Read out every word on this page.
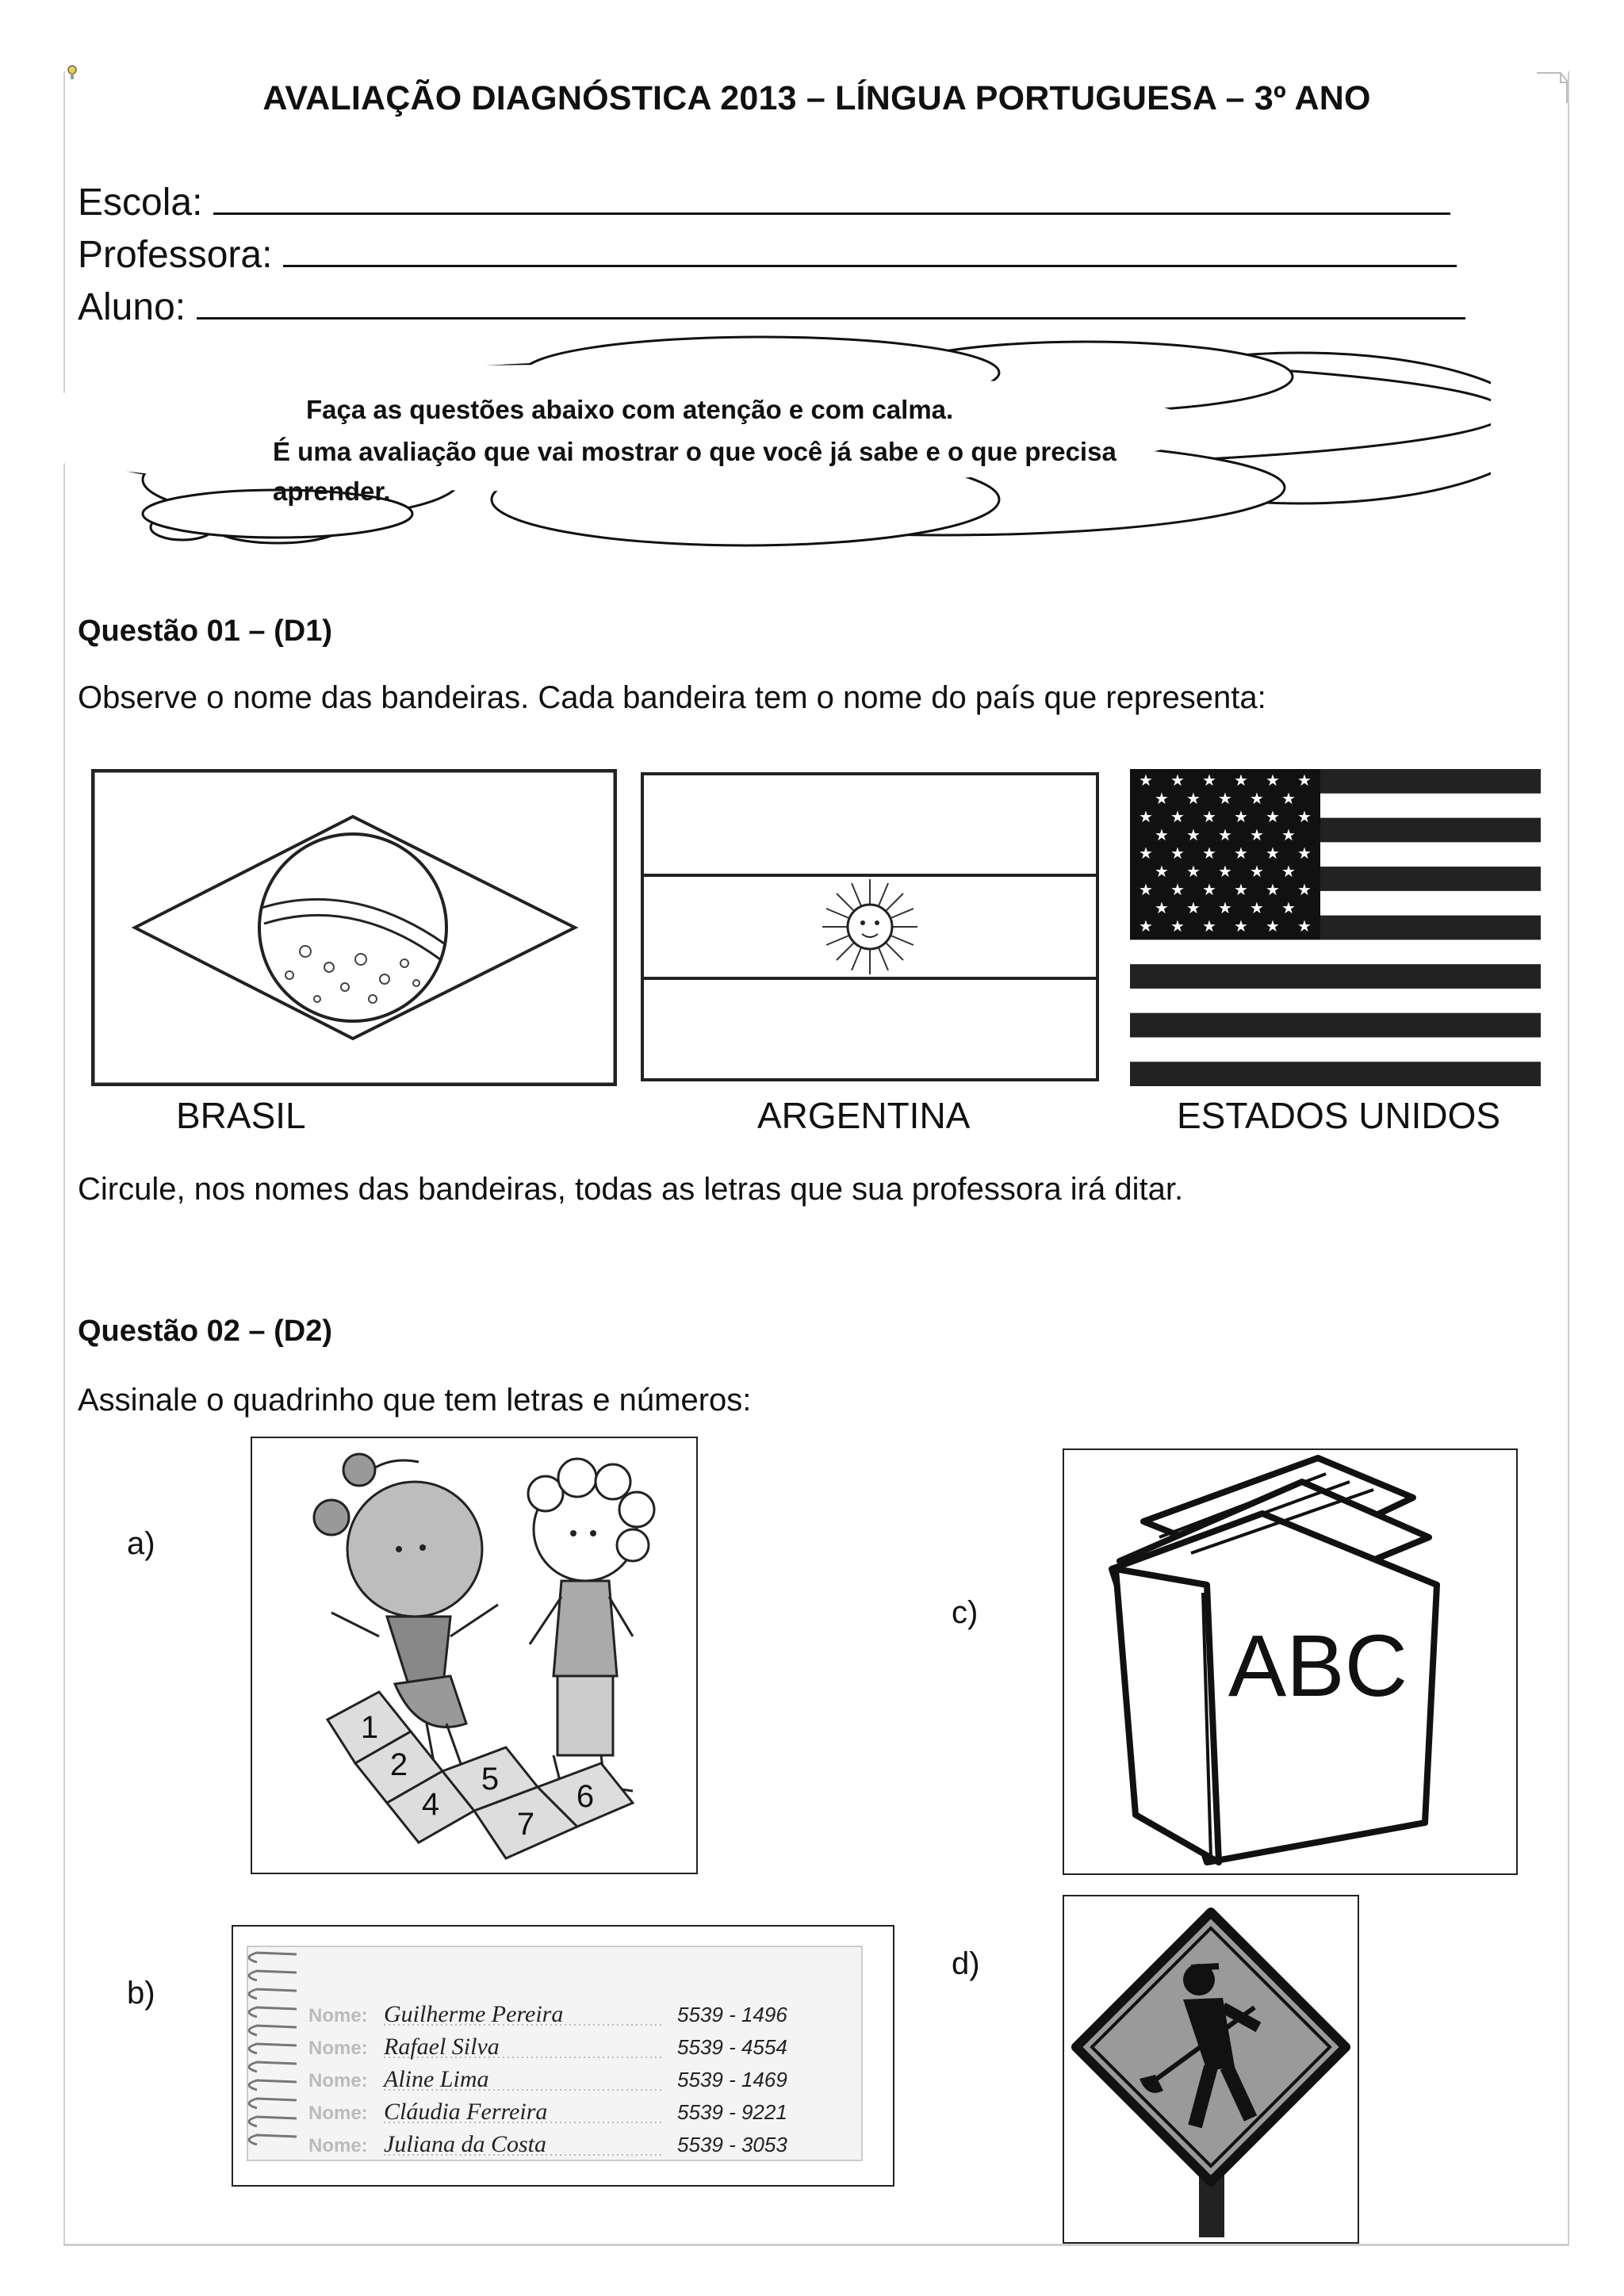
AVALIAÇÃO DIAGNÓSTICA 2013 – LÍNGUA PORTUGUESA – 3º ANO
Escola:
Professora:
Aluno:
Faça as questões abaixo com atenção e com calma.
É uma avaliação que vai mostrar o que você já sabe e o que precisa
aprender.
Questão 01 – (D1)
Observe o nome das bandeiras. Cada bandeira tem o nome do país que representa:
★ ★ ★ ★ ★ ★
★ ★ ★ ★ ★
★ ★ ★ ★ ★ ★
★ ★ ★ ★ ★
★ ★ ★ ★ ★ ★
★ ★ ★ ★ ★
★ ★ ★ ★ ★ ★
★ ★ ★ ★ ★
★ ★ ★ ★ ★ ★
BRASIL	ARGENTINA	ESTADOS UNIDOS
Circule, nos nomes das bandeiras, todas as letras que sua professora irá ditar.
Questão 02 – (D2)
Assinale o quadrinho que tem letras e números:
a)
c)
b)
d)
1
2
4
5 6
7
ABC
Nome: Guilherme Pereira	5539 - 1496
Nome: Rafael Silva	5539 - 4554
Nome: Aline Lima	5539 - 1469
Nome: Cláudia Ferreira	5539 - 9221
Nome: Juliana da Costa	5539 - 3053
